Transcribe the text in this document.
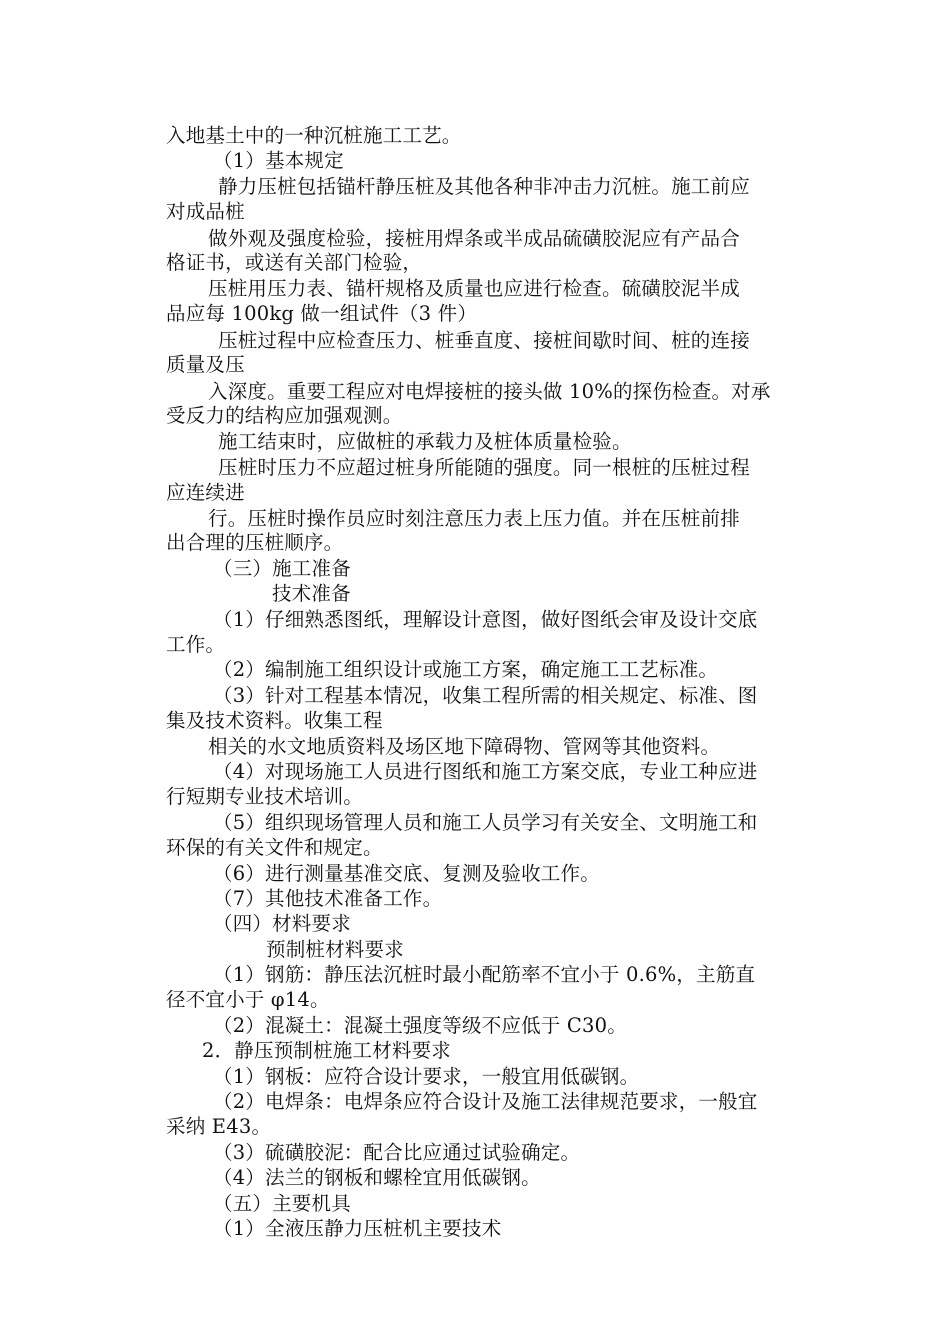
入地基土中的一种沉桩施工工艺。
（1）基本规定
静力压桩包括锚杆静压桩及其他各种非冲击力沉桩。施工前应
对成品桩
做外观及强度检验，接桩用焊条或半成品硫磺胶泥应有产品合
格证书，或送有关部门检验，
压桩用压力表、锚杆规格及质量也应进行检查。硫磺胶泥半成
品应每 100kg 做一组试件（3 件）
压桩过程中应检查压力、桩垂直度、接桩间歇时间、桩的连接
质量及压
入深度。重要工程应对电焊接桩的接头做 10%的探伤检查。对承
受反力的结构应加强观测。
施工结束时，应做桩的承载力及桩体质量检验。
压桩时压力不应超过桩身所能随的强度。同一根桩的压桩过程
应连续进
行。压桩时操作员应时刻注意压力表上压力值。并在压桩前排
出合理的压桩顺序。
（三）施工准备
技术准备
（1）仔细熟悉图纸，理解设计意图，做好图纸会审及设计交底
工作。
（2）编制施工组织设计或施工方案，确定施工工艺标准。
（3）针对工程基本情况，收集工程所需的相关规定、标准、图
集及技术资料。收集工程
相关的水文地质资料及场区地下障碍物、管网等其他资料。
（4）对现场施工人员进行图纸和施工方案交底，专业工种应进
行短期专业技术培训。
（5）组织现场管理人员和施工人员学习有关安全、文明施工和
环保的有关文件和规定。
（6）进行测量基准交底、复测及验收工作。
（7）其他技术准备工作。
（四）材料要求
预制桩材料要求
（1）钢筋：静压法沉桩时最小配筋率不宜小于 0.6%，主筋直
径不宜小于 φ14。
（2）混凝土：混凝土强度等级不应低于 C30。
2．静压预制桩施工材料要求
（1）钢板：应符合设计要求，一般宜用低碳钢。
（2）电焊条：电焊条应符合设计及施工法律规范要求，一般宜
采纳 E43。
（3）硫磺胶泥：配合比应通过试验确定。
（4）法兰的钢板和螺栓宜用低碳钢。
（五）主要机具
（1）全液压静力压桩机主要技术
